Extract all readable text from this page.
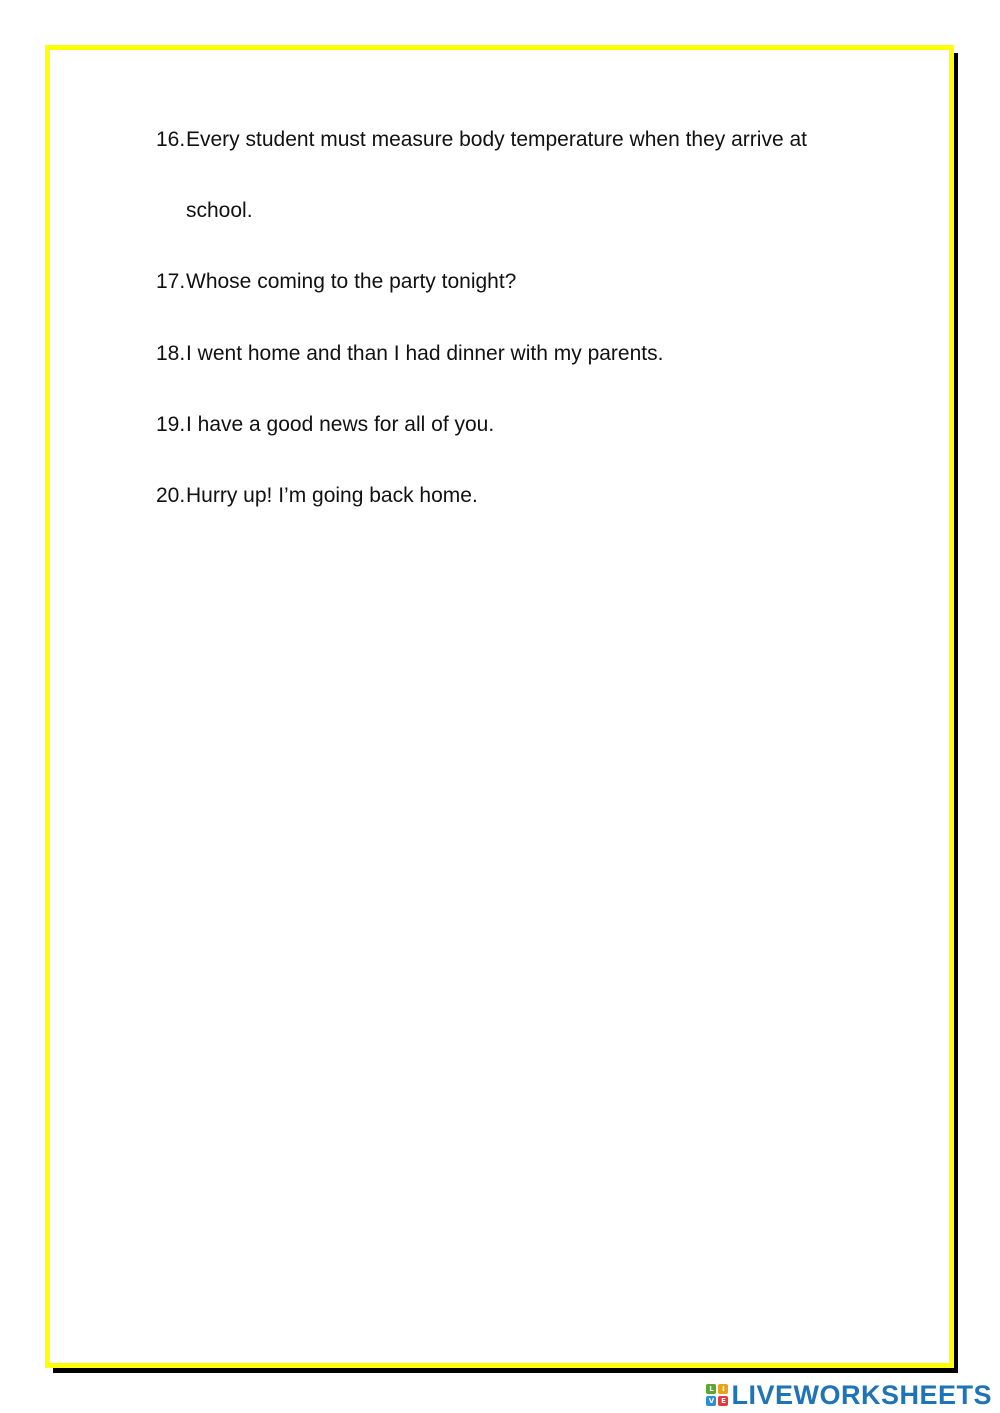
16. Every student must measure body temperature when they arrive at
school.
17. Whose coming to the party tonight?
18. I went home and than I had dinner with my parents.
19. I have a good news for all of you.
20. Hurry up! I’m going back home.
L	I
V E LIVEWORKSHEETS
